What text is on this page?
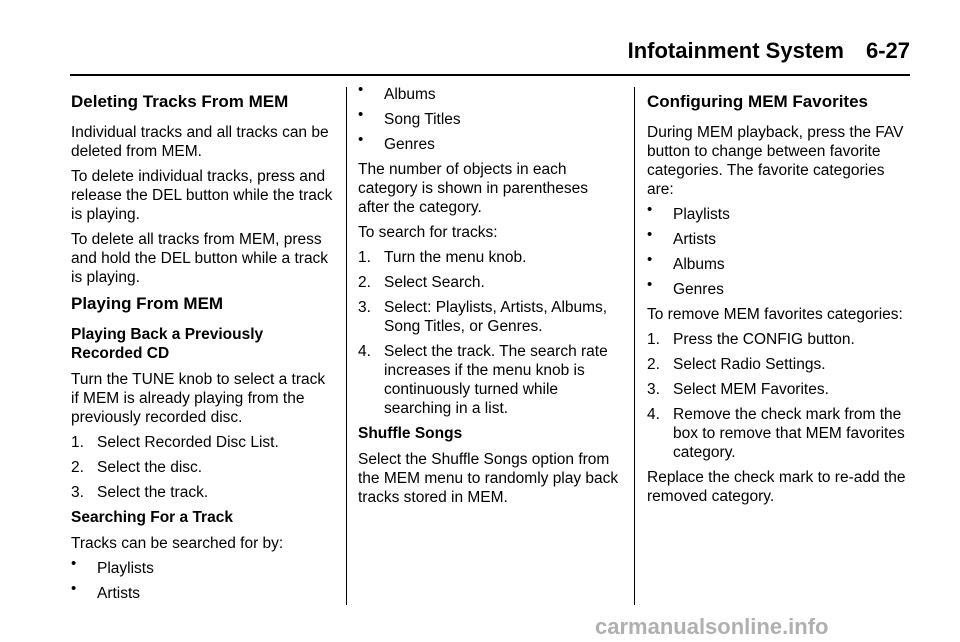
Infotainment System 6-27
Deleting Tracks From MEM

Individual tracks and all tracks can be deleted from MEM.

To delete individual tracks, press and release the DEL button while the track is playing.

To delete all tracks from MEM, press and hold the DEL button while a track is playing.

Playing From MEM
Playing Back a Previously Recorded CD

Turn the TUNE knob to select a track if MEM is already playing from the previously recorded disc.

1. Select Recorded Disc List.
2. Select the disc.
3. Select the track.
Searching For a Track

Tracks can be searched for by:

•	Playlists
•	Artists
•	Albums
•	Song Titles
•	Genres

The number of objects in each category is shown in parentheses after the category.

To search for tracks:

1. Turn the menu knob.
2. Select Search.
3. Select: Playlists, Artists, Albums, Song Titles, or Genres.
4. Select the track. The search rate increases if the menu knob is continuously turned while searching in a list.
Shuffle Songs

Select the Shuffle Songs option from the MEM menu to randomly play back tracks stored in MEM.

Configuring MEM Favorites

During MEM playback, press the FAV button to change between favorite categories. The favorite categories are:

•	Playlists
•	Artists
•	Albums
•	Genres

To remove MEM favorites categories:

1. Press the CONFIG button.
2. Select Radio Settings.
3. Select MEM Favorites.
4. Remove the check mark from the box to remove that MEM favorites category.

Replace the check mark to re-add the removed category.

carmanualsonline.info
